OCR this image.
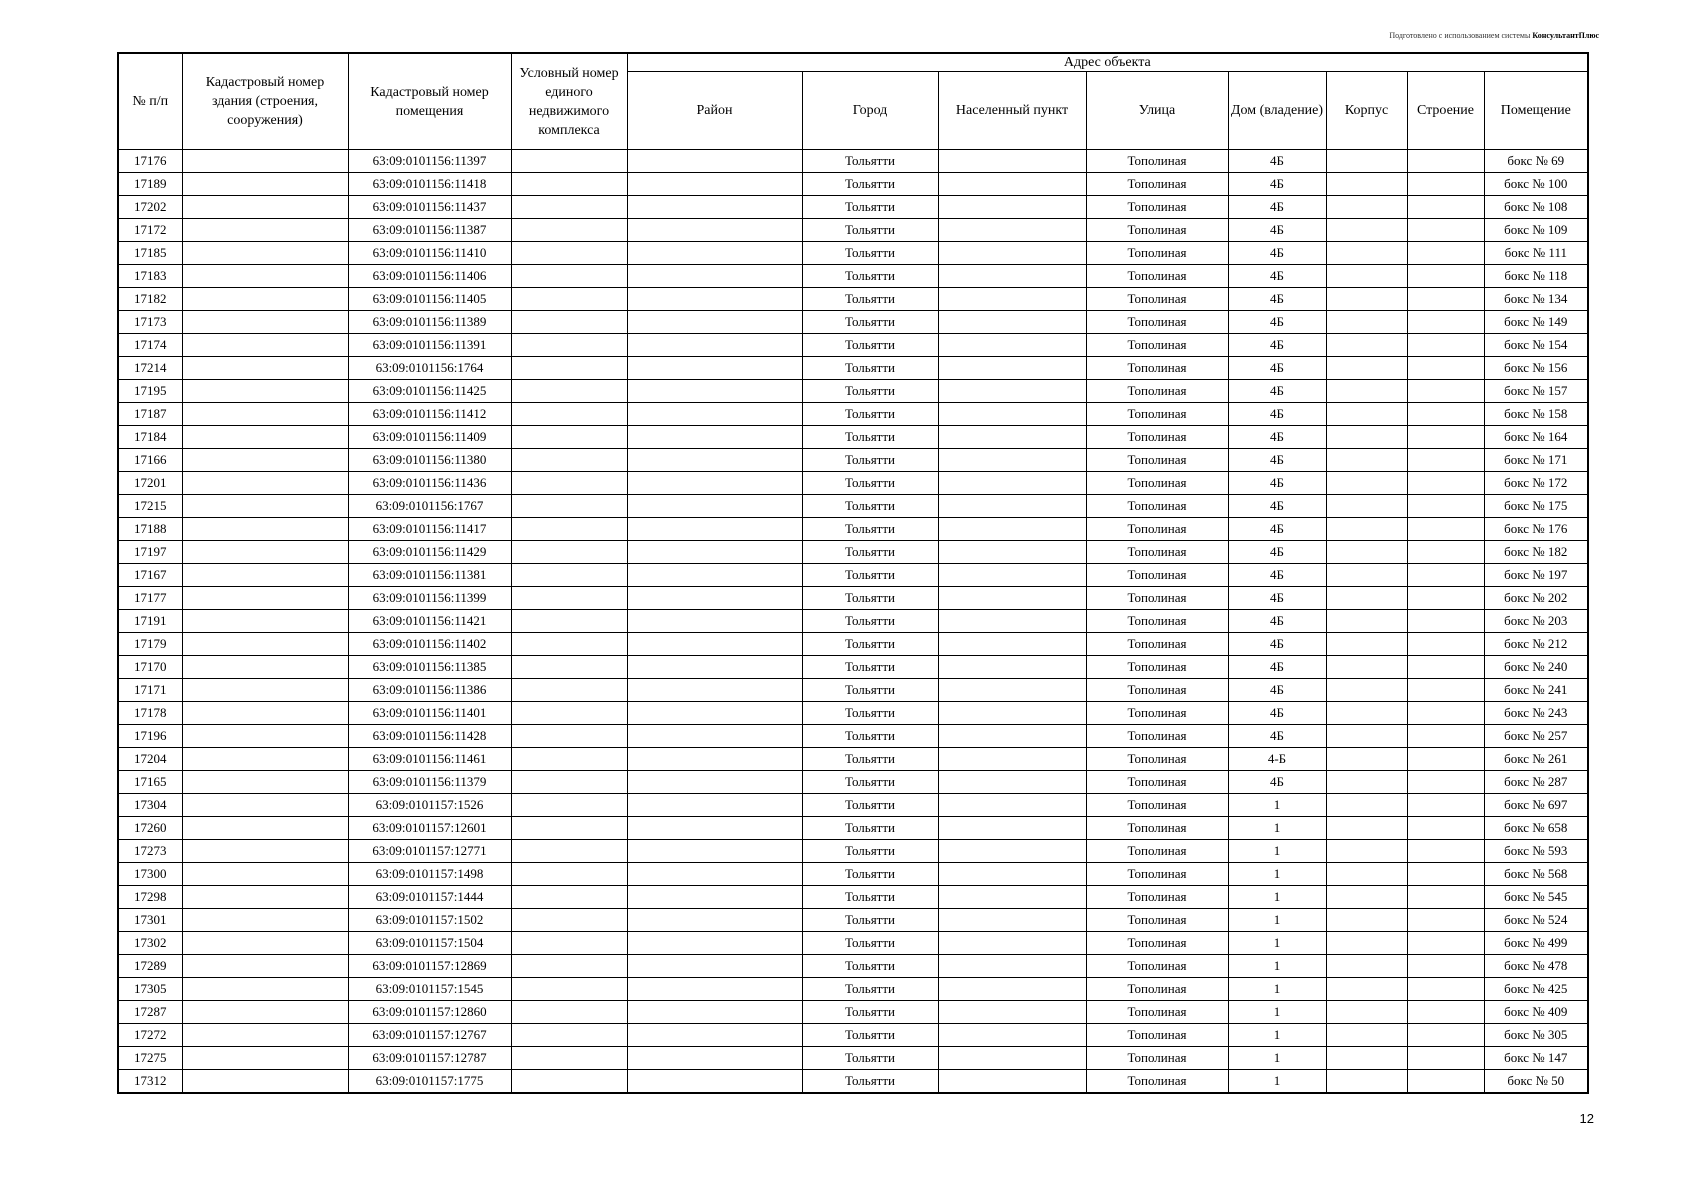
Подготовлено с использованием системы КонсультантПлюс
№ п/п	Кадастровый номер здания (строения, сооружения)	Кадастровый номер помещения	Условный номер единого недвижимого комплекса	Адрес объекта							
				Район	Город	Населенный пункт	Улица	Дом (владение)	Корпус	Строение	Помещение
17176		63:09:0101156:11397			Тольятти		Тополиная	4Б			бокс № 69
17189		63:09:0101156:11418			Тольятти		Тополиная	4Б			бокс № 100
17202		63:09:0101156:11437			Тольятти		Тополиная	4Б			бокс № 108
17172		63:09:0101156:11387			Тольятти		Тополиная	4Б			бокс № 109
17185		63:09:0101156:11410			Тольятти		Тополиная	4Б			бокс № 111
17183		63:09:0101156:11406			Тольятти		Тополиная	4Б			бокс № 118
17182		63:09:0101156:11405			Тольятти		Тополиная	4Б			бокс № 134
17173		63:09:0101156:11389			Тольятти		Тополиная	4Б			бокс № 149
17174		63:09:0101156:11391			Тольятти		Тополиная	4Б			бокс № 154
17214		63:09:0101156:1764			Тольятти		Тополиная	4Б			бокс № 156
17195		63:09:0101156:11425			Тольятти		Тополиная	4Б			бокс № 157
17187		63:09:0101156:11412			Тольятти		Тополиная	4Б			бокс № 158
17184		63:09:0101156:11409			Тольятти		Тополиная	4Б			бокс № 164
17166		63:09:0101156:11380			Тольятти		Тополиная	4Б			бокс № 171
17201		63:09:0101156:11436			Тольятти		Тополиная	4Б			бокс № 172
17215		63:09:0101156:1767			Тольятти		Тополиная	4Б			бокс № 175
17188		63:09:0101156:11417			Тольятти		Тополиная	4Б			бокс № 176
17197		63:09:0101156:11429			Тольятти		Тополиная	4Б			бокс № 182
17167		63:09:0101156:11381			Тольятти		Тополиная	4Б			бокс № 197
17177		63:09:0101156:11399			Тольятти		Тополиная	4Б			бокс № 202
17191		63:09:0101156:11421			Тольятти		Тополиная	4Б			бокс № 203
17179		63:09:0101156:11402			Тольятти		Тополиная	4Б			бокс № 212
17170		63:09:0101156:11385			Тольятти		Тополиная	4Б			бокс № 240
17171		63:09:0101156:11386			Тольятти		Тополиная	4Б			бокс № 241
17178		63:09:0101156:11401			Тольятти		Тополиная	4Б			бокс № 243
17196		63:09:0101156:11428			Тольятти		Тополиная	4Б			бокс № 257
17204		63:09:0101156:11461			Тольятти		Тополиная	4-Б			бокс № 261
17165		63:09:0101156:11379			Тольятти		Тополиная	4Б			бокс № 287
17304		63:09:0101157:1526			Тольятти		Тополиная	1			бокс № 697
17260		63:09:0101157:12601			Тольятти		Тополиная	1			бокс № 658
17273		63:09:0101157:12771			Тольятти		Тополиная	1			бокс № 593
17300		63:09:0101157:1498			Тольятти		Тополиная	1			бокс № 568
17298		63:09:0101157:1444			Тольятти		Тополиная	1			бокс № 545
17301		63:09:0101157:1502			Тольятти		Тополиная	1			бокс № 524
17302		63:09:0101157:1504			Тольятти		Тополиная	1			бокс № 499
17289		63:09:0101157:12869			Тольятти		Тополиная	1			бокс № 478
17305		63:09:0101157:1545			Тольятти		Тополиная	1			бокс № 425
17287		63:09:0101157:12860			Тольятти		Тополиная	1			бокс № 409
17272		63:09:0101157:12767			Тольятти		Тополиная	1			бокс № 305
17275		63:09:0101157:12787			Тольятти		Тополиная	1			бокс № 147
17312		63:09:0101157:1775			Тольятти		Тополиная	1			бокс № 50
12
